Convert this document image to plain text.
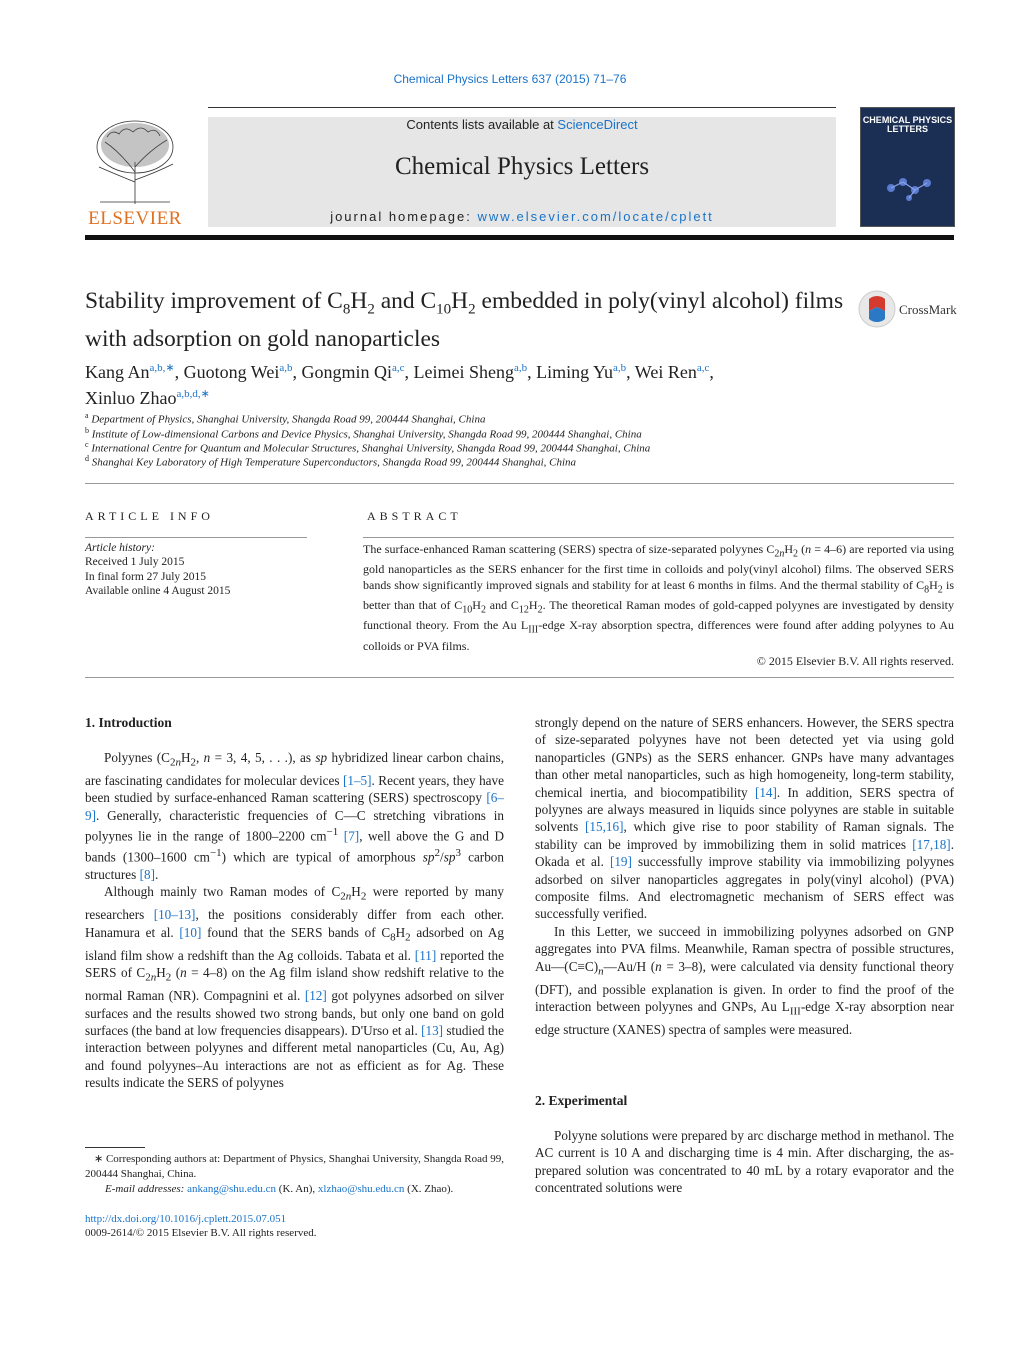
Chemical Physics Letters 637 (2015) 71–76
ELSEVIER
Contents lists available at ScienceDirect
Chemical Physics Letters
journal homepage: www.elsevier.com/locate/cplett
CHEMICAL PHYSICS LETTERS
Stability improvement of $C_8H_2$ and $C_{10}H_2$ embedded in poly(vinyl alcohol) films with adsorption on gold nanoparticles
CrossMark
Kang $An^{a,b,∗}$, Guotong Wei$^{a,b}$, Gongmin Qi$^{a,c}$, Leimei Sheng$^{a,b}$, Liming Yu$^{a,b}$, Wei Ren$^{a,c}$,
Xinluo Zhao$^{a,b,d,∗}$
$^a$ Department of Physics, Shanghai University, Shangda Road 99, 200444 Shanghai, China
$^b$ Institute of Low-dimensional Carbons and Device Physics, Shanghai University, Shangda Road 99, 200444 Shanghai, China
$^c$ International Centre for Quantum and Molecular Structures, Shanghai University, Shangda Road 99, 200444 Shanghai, China
$^d$ Shanghai Key Laboratory of High Temperature Superconductors, Shangda Road 99, 200444 Shanghai, China
ARTICLE INFO
Article history:
Received 1 July 2015
In final form 27 July 2015
Available online 4 August 2015
ABSTRACT
The surface-enhanced Raman scattering (SERS) spectra of size-separated polyynes $C_{2n}H_2$ (n = 4–6) are reported via using gold nanoparticles as the SERS enhancer for the first time in colloids and poly(vinyl alcohol) films. The observed SERS bands show significantly improved signals and stability for at least 6 months in films. And the thermal stability of $C_8H_2$ is better than that of $C_{10}H_2$ and $C_{12}H_2$. The theoretical Raman modes of gold-capped polyynes are investigated by density functional theory. From the Au $L_{III}$-edge X-ray absorption spectra, differences were found after adding polyynes to Au colloids or PVA films.

© 2015 Elsevier B.V. All rights reserved.
1. Introduction

Polyynes ($C_{2n}H_2$, n = 3, 4, 5, . . .), as sp hybridized linear carbon chains, are fascinating candidates for molecular devices [1–5]. Recent years, they have been studied by surface-enhanced Raman scattering (SERS) spectroscopy [6–9]. Generally, characteristic frequencies of C—C stretching vibrations in polyynes lie in the range of 1800–2200 $cm^{-1}$ [7], well above the G and D bands (1300–1600 $cm^{-1}$) which are typical of amorphous $sp^2/sp^3$ carbon structures [8].

Although mainly two Raman modes of $C_{2n}H_2$ were reported by many researchers [10–13], the positions considerably differ from each other. Hanamura et al. [10] found that the SERS bands of $C_8H_2$ adsorbed on Ag island film show a redshift than the Ag colloids. Tabata et al. [11] reported the SERS of $C_{2n}H_2$ (n = 4–8) on the Ag film island show redshift relative to the normal Raman (NR). Compagnini et al. [12] got polyynes adsorbed on silver surfaces and the results showed two strong bands, but only one band on gold surfaces (the band at low frequencies disappears). D'Urso et al. [13] studied the interaction between polyynes and different metal nanoparticles (Cu, Au, Ag) and found polyynes–Au interactions are not as efficient as for Ag. These results indicate the SERS of polyynes

∗ Corresponding authors at: Department of Physics, Shanghai University, Shangda Road 99, 200444 Shanghai, China.
E-mail addresses: ankang@shu.edu.cn (K. An), xlzhao@shu.edu.cn (X. Zhao).
http://dx.doi.org/10.1016/j.cplett.2015.07.051
0009-2614/© 2015 Elsevier B.V. All rights reserved.

strongly depend on the nature of SERS enhancers. However, the SERS spectra of size-separated polyynes have not been detected yet via using gold nanoparticles (GNPs) as the SERS enhancer. GNPs have many advantages than other metal nanoparticles, such as high homogeneity, long-term stability, chemical inertia, and biocompatibility [14]. In addition, SERS spectra of polyynes are always measured in liquids since polyynes are stable in suitable solvents [15,16], which give rise to poor stability of Raman signals. The stability can be improved by immobilizing them in solid matrices [17,18]. Okada et al. [19] successfully improve stability via immobilizing polyynes adsorbed on silver nanoparticles aggregates in poly(vinyl alcohol) (PVA) composite films. And electromagnetic mechanism of SERS effect was successfully verified.

In this Letter, we succeed in immobilizing polyynes adsorbed on GNP aggregates into PVA films. Meanwhile, Raman spectra of possible structures, $Au—(C\equiv C)_n—Au/H$ (n = 3–8), were calculated via density functional theory (DFT), and possible explanation is given. In order to find the proof of the interaction between polyynes and GNPs, Au $L_{III}$-edge X-ray absorption near edge structure (XANES) spectra of samples were measured.

2. Experimental

Polyyne solutions were prepared by arc discharge method in methanol. The AC current is 10 A and discharging time is 4 min. After discharging, the as-prepared solution was concentrated to 40 mL by a rotary evaporator and the concentrated solutions were
